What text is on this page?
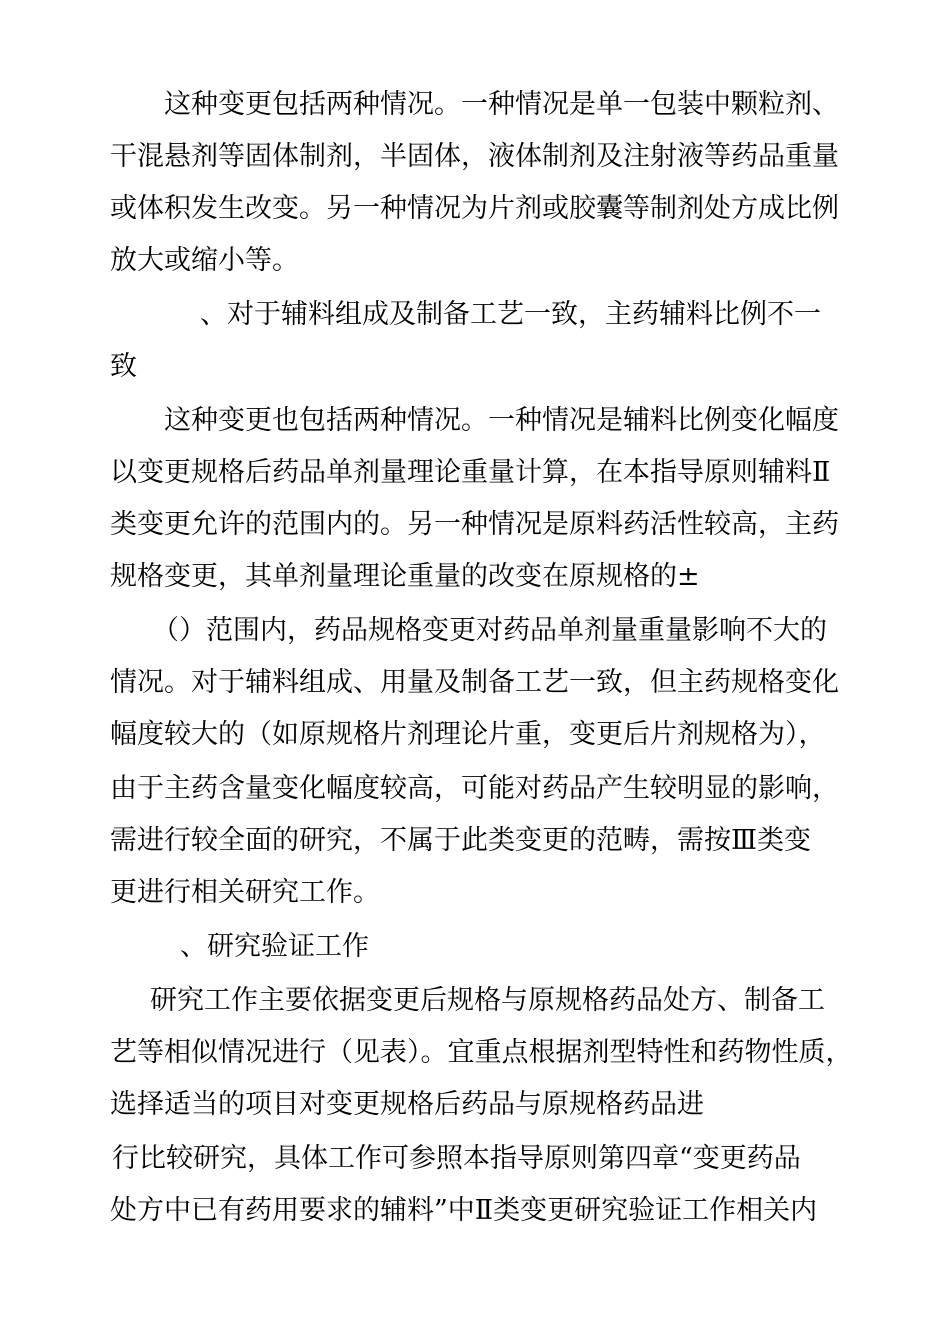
这种变更包括两种情况。一种情况是单一包装中颗粒剂、

干混悬剂等固体制剂，半固体，液体制剂及注射液等药品重量

或体积发生改变。另一种情况为片剂或胶囊等制剂处方成比例

放大或缩小等。

、对于辅料组成及制备工艺一致，主药辅料比例不一

致

这种变更也包括两种情况。一种情况是辅料比例变化幅度

以变更规格后药品单剂量理论重量计算，在本指导原则辅料Ⅱ

类变更允许的范围内的。另一种情况是原料药活性较高，主药

规格变更，其单剂量理论重量的改变在原规格的±

（）范围内，药品规格变更对药品单剂量重量影响不大的

情况。对于辅料组成、用量及制备工艺一致，但主药规格变化

幅度较大的（如原规格片剂理论片重，变更后片剂规格为），

由于主药含量变化幅度较高，可能对药品产生较明显的影响，

需进行较全面的研究，不属于此类变更的范畴，需按Ⅲ类变

更进行相关研究工作。

、研究验证工作

研究工作主要依据变更后规格与原规格药品处方、制备工

艺等相似情况进行（见表）。宜重点根据剂型特性和药物性质，

选择适当的项目对变更规格后药品与原规格药品进

行比较研究，具体工作可参照本指导原则第四章“变更药品

处方中已有药用要求的辅料”中Ⅱ类变更研究验证工作相关内
